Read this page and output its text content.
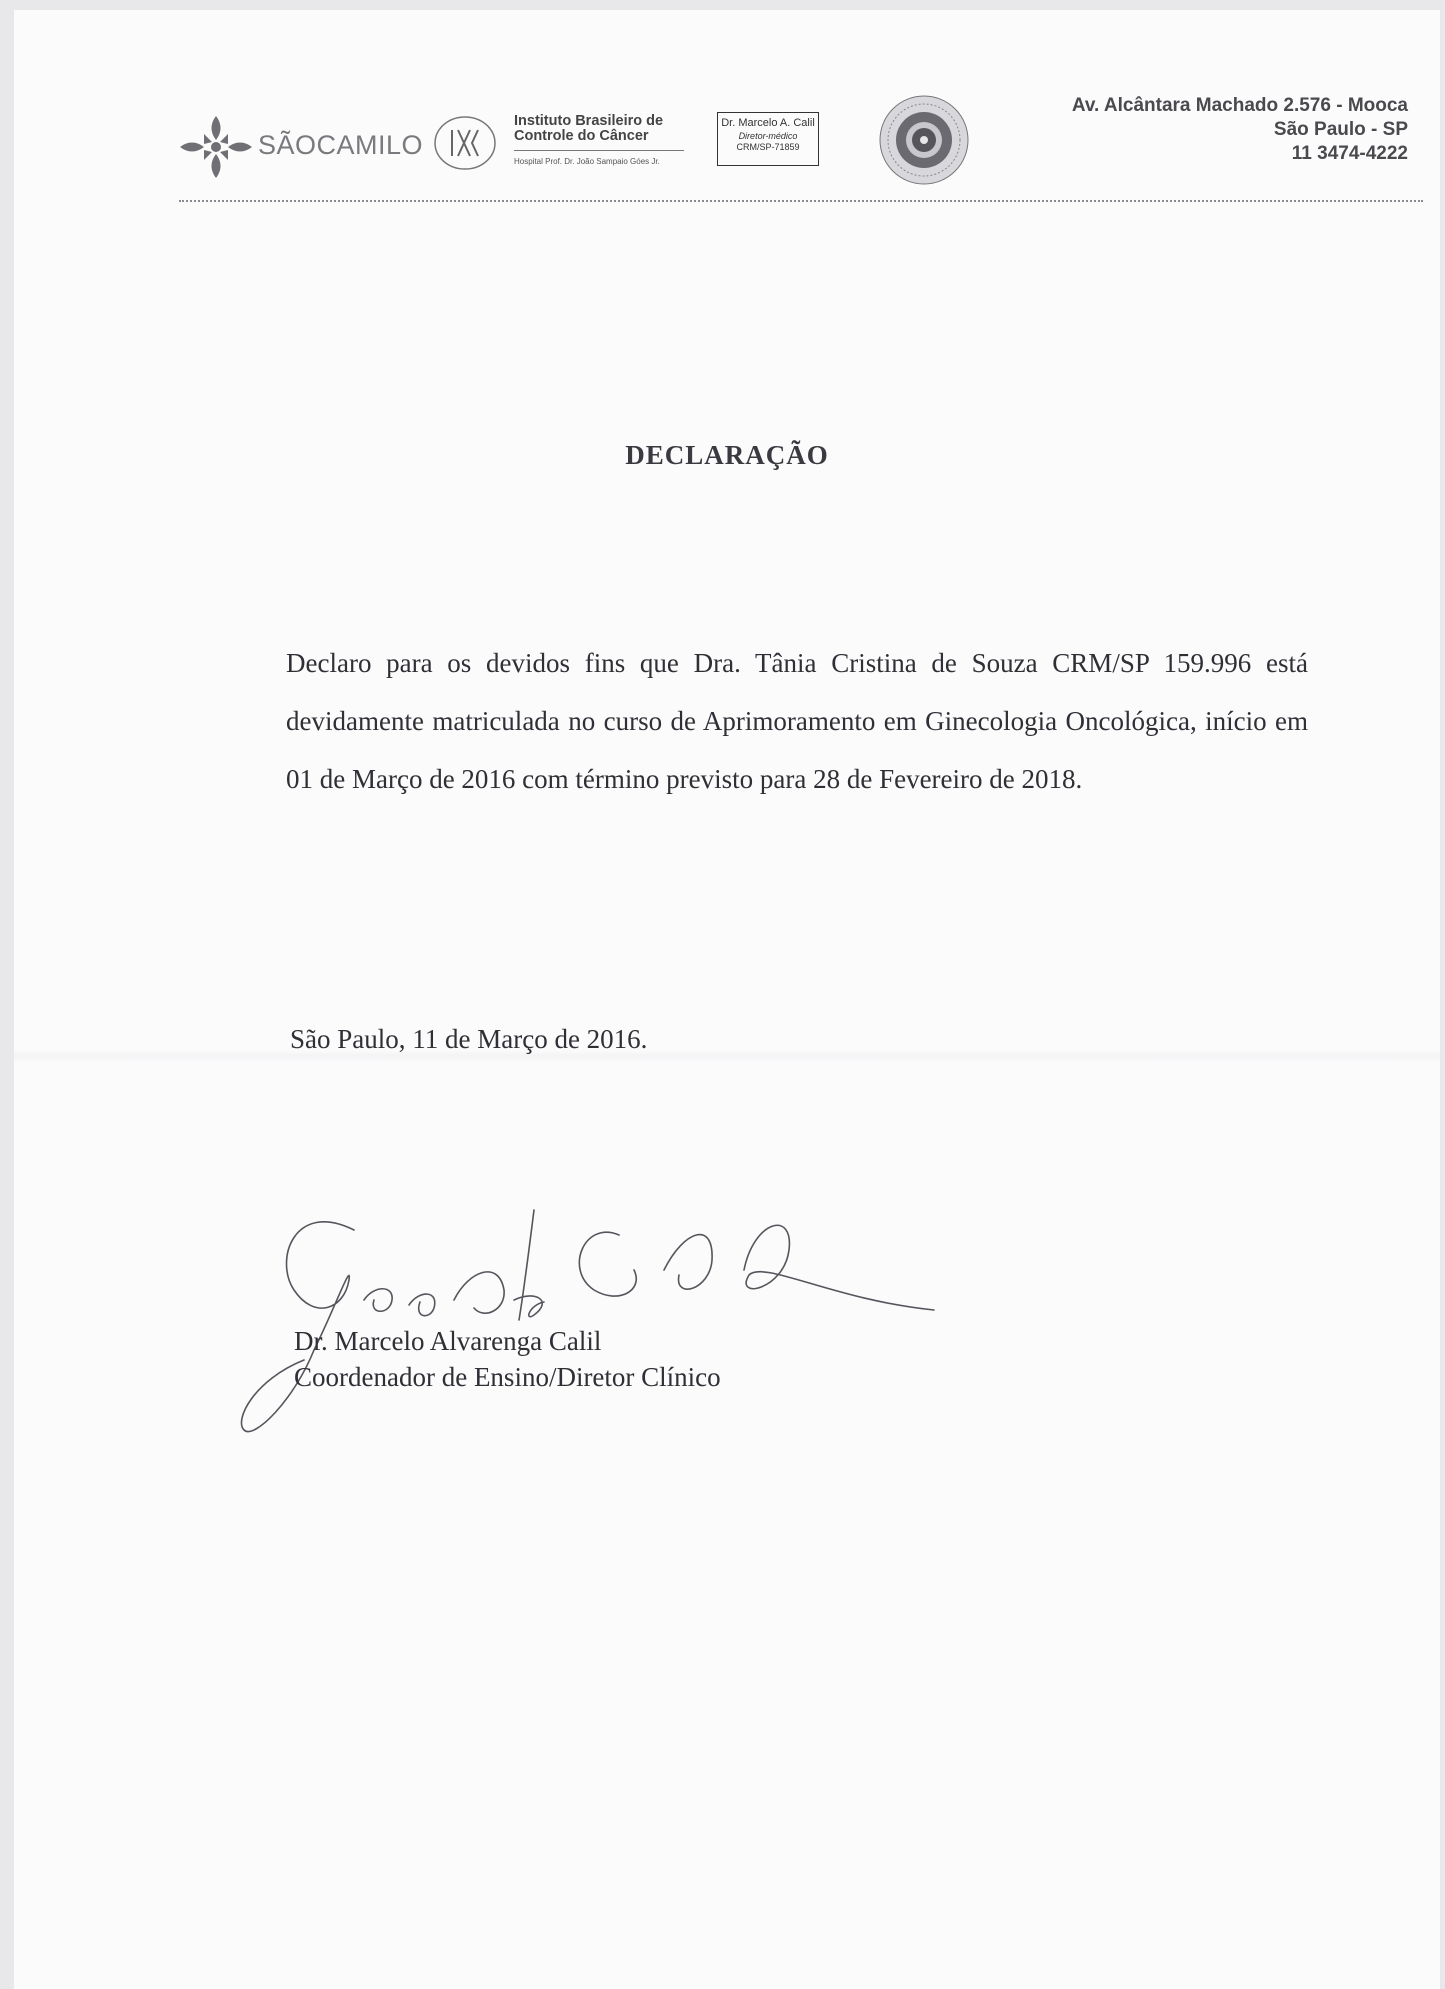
SÃOCAMILO
Instituto Brasileiro de
Controle do Câncer
Hospital Prof. Dr. João Sampaio Góes Jr.
Dr. Marcelo A. Calil
Diretor-médico
CRM/SP-71859
Av. Alcântara Machado 2.576 - Mooca
São Paulo - SP
11 3474-4222
DECLARAÇÃO
Declaro para os devidos fins que Dra. Tânia Cristina de Souza CRM/SP 159.996 está devidamente matriculada no curso de Aprimoramento em Ginecologia Oncológica, início em 01 de Março de 2016 com término previsto para 28 de Fevereiro de 2018.
São Paulo, 11 de Março de 2016.
Dr. Marcelo Alvarenga Calil
Coordenador de Ensino/Diretor Clínico
